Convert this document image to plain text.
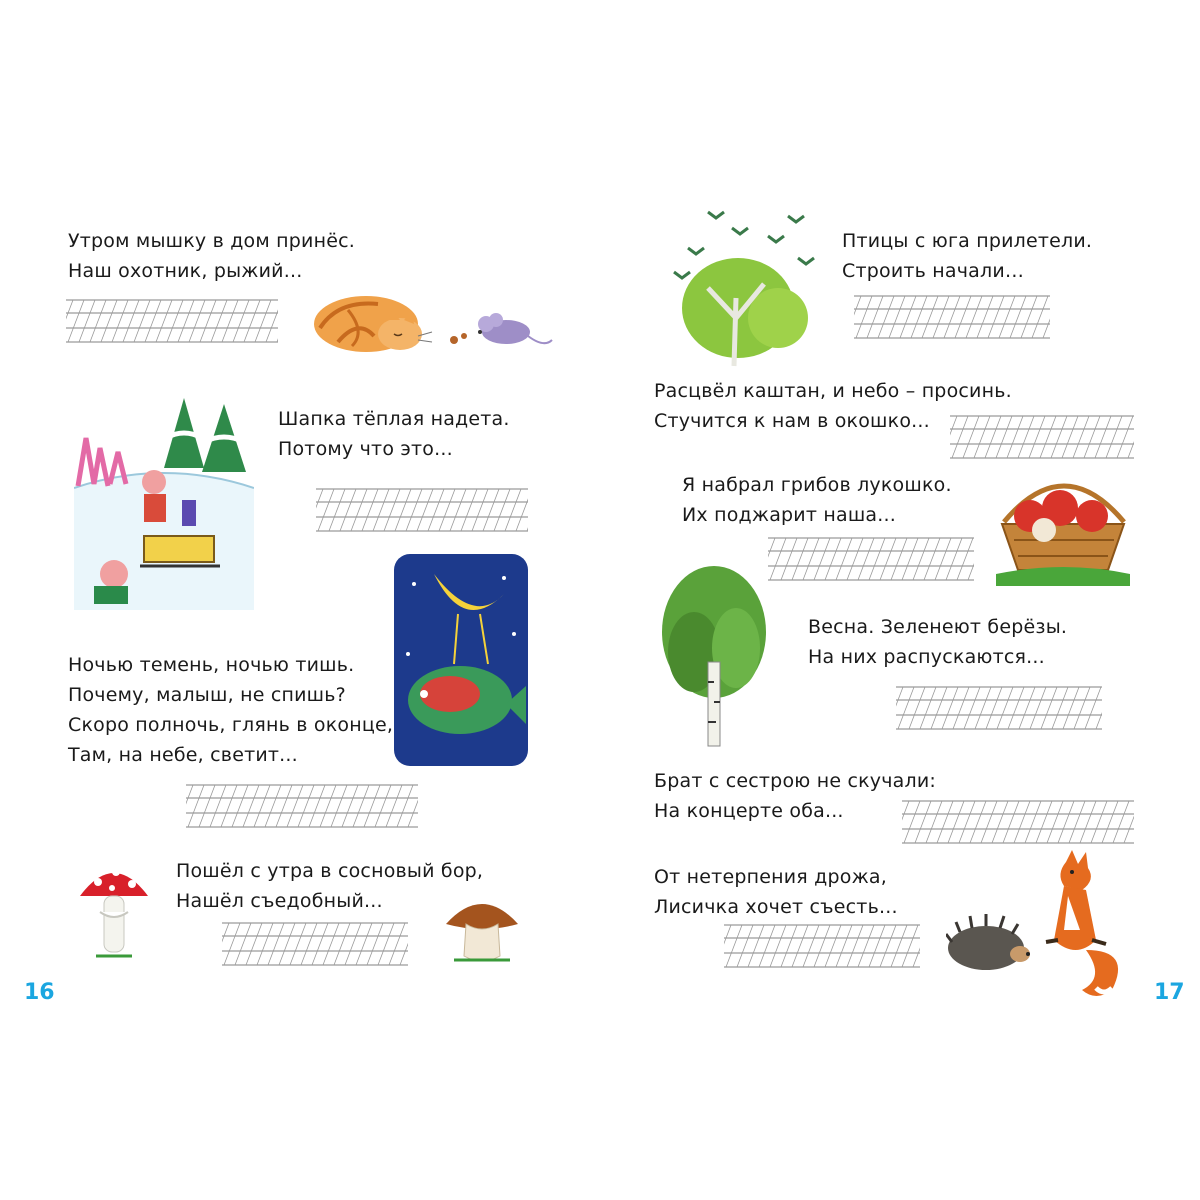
Утром мышку в дом принёс.
Наш охотник, рыжий...
Шапка тёплая надета.
Потому что это...
Ночью темень, ночью тишь.
Почему, малыш, не спишь?
Скоро полночь, глянь в оконце,
Там, на небе, светит...
Пошёл с утра в сосновый бор,
Нашёл съедобный...
16
Птицы с юга прилетели.
Строить начали…
Расцвёл каштан, и небо – просинь.
Стучится к нам в окошко...
Я набрал грибов лукошко.
Их поджарит наша...
Весна. Зеленеют берёзы.
На них распускаются...
Брат с сестрою не скучали:
На концерте оба...
От нетерпения дрожа,
Лисичка хочет съесть...
17
